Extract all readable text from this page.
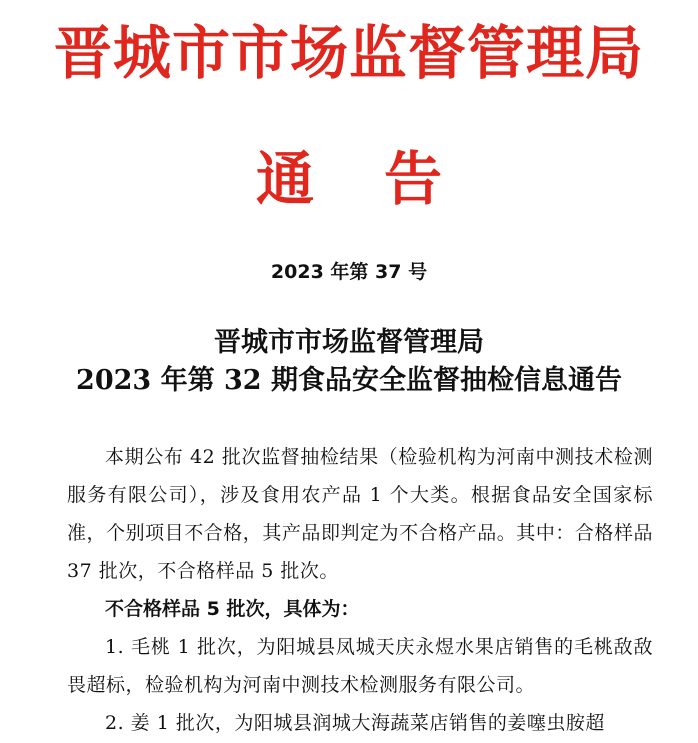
晋城市市场监督管理局
通告
2023 年第 37 号
晋城市市场监督管理局
2023 年第 32 期食品安全监督抽检信息通告
本期公布 42 批次监督抽检结果（检验机构为河南中测技术检测服务有限公司），涉及食用农产品 1 个大类。根据食品安全国家标准，个别项目不合格，其产品即判定为不合格产品。其中：合格样品 37 批次，不合格样品 5 批次。
不合格样品 5 批次，具体为：
1. 毛桃 1 批次，为阳城县凤城天庆永煜水果店销售的毛桃敌敌畏超标，检验机构为河南中测技术检测服务有限公司。
2. 姜 1 批次，为阳城县润城大海蔬菜店销售的姜噻虫胺超
